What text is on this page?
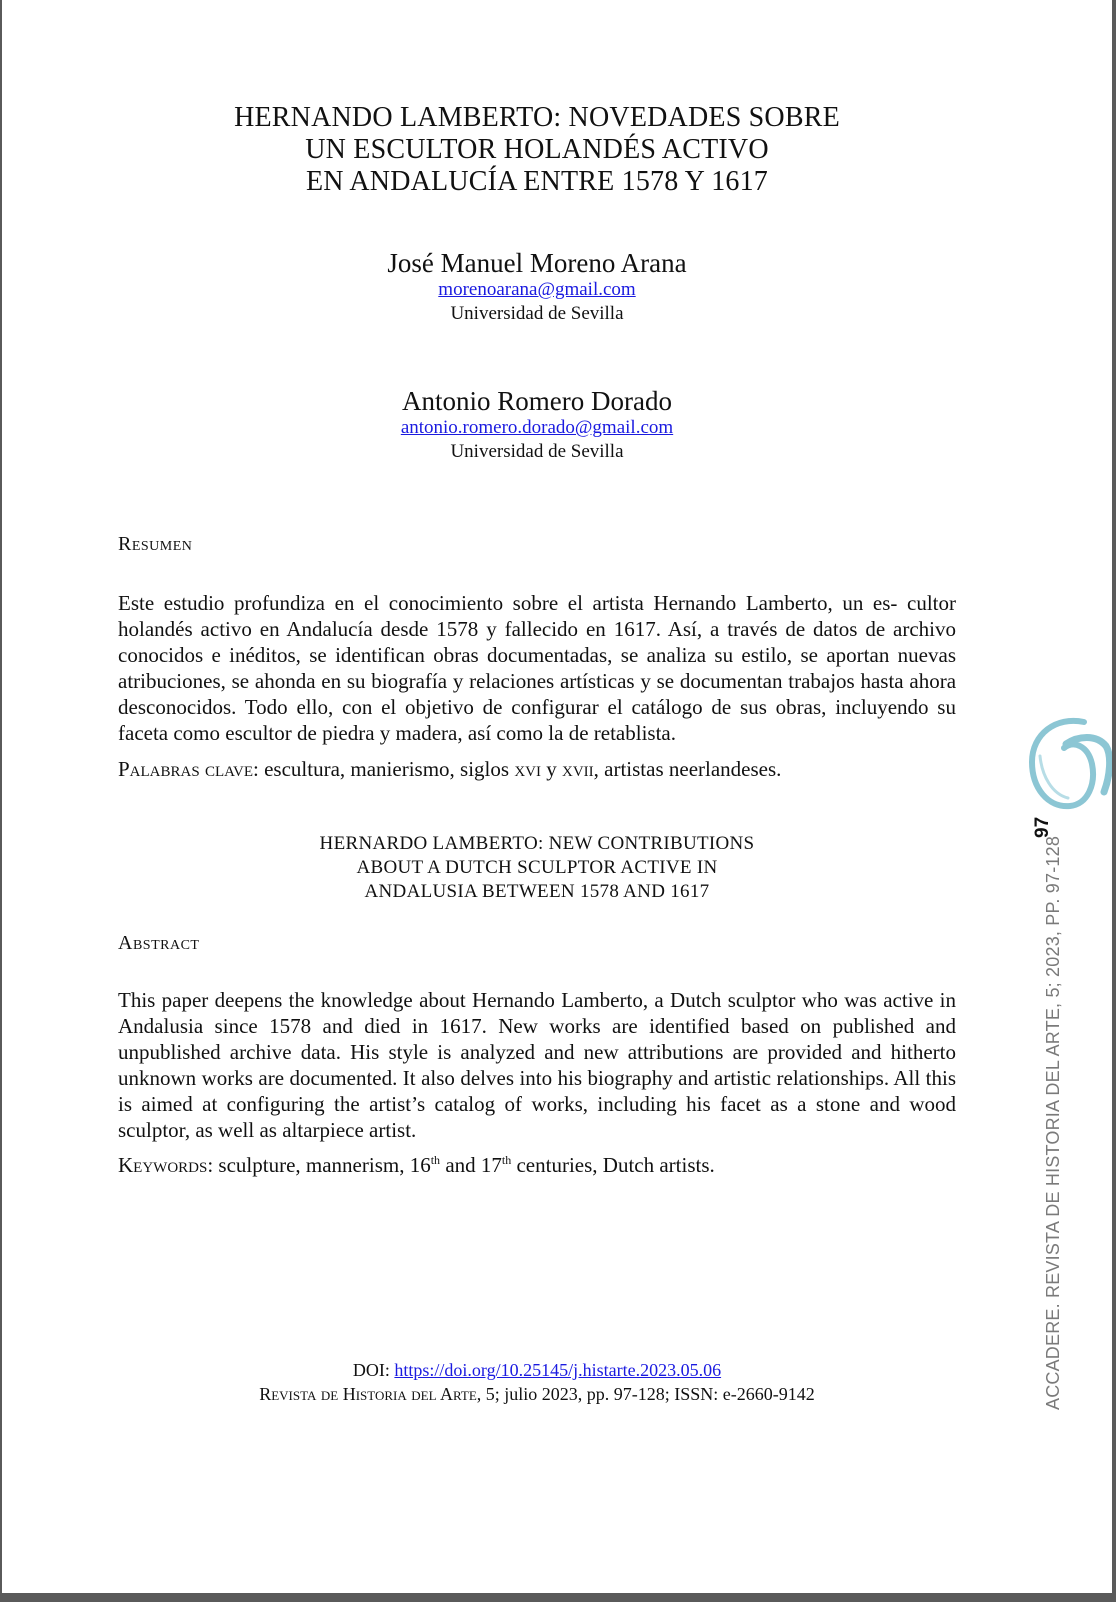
HERNANDO LAMBERTO: NOVEDADES SOBRE
UN ESCULTOR HOLANDÉS ACTIVO
EN ANDALUCÍA ENTRE 1578 Y 1617
José Manuel Moreno Arana
morenoarana@gmail.com
Universidad de Sevilla
Antonio Romero Dorado
antonio.romero.dorado@gmail.com
Universidad de Sevilla
Resumen
Este estudio profundiza en el conocimiento sobre el artista Hernando Lamberto, un es- cultor holandés activo en Andalucía desde 1578 y fallecido en 1617. Así, a través de datos de archivo conocidos e inéditos, se identifican obras documentadas, se analiza su estilo, se aportan nuevas atribuciones, se ahonda en su biografía y relaciones artísticas y se documentan trabajos hasta ahora desconocidos. Todo ello, con el objetivo de configurar el catálogo de sus obras, incluyendo su faceta como escultor de piedra y madera, así como la de retablista.
Palabras clave: escultura, manierismo, siglos xvi y xvii, artistas neerlandeses.
HERNARDO LAMBERTO: NEW CONTRIBUTIONS
ABOUT A DUTCH SCULPTOR ACTIVE IN
ANDALUSIA BETWEEN 1578 AND 1617
Abstract
This paper deepens the knowledge about Hernando Lamberto, a Dutch sculptor who was active in Andalusia since 1578 and died in 1617. New works are identified based on published and unpublished archive data. His style is analyzed and new attributions are provided and hitherto unknown works are documented. It also delves into his biography and artistic relationships. All this is aimed at configuring the artist’s catalog of works, including his facet as a stone and wood sculptor, as well as altarpiece artist.
Keywords: sculpture, mannerism, 16th and 17th centuries, Dutch artists.
DOI: https://doi.org/10.25145/j.histarte.2023.05.06
Revista de Historia del Arte, 5; julio 2023, pp. 97-128; ISSN: e-2660-9142
97
ACCADERE. REVISTA DE HISTORIA DEL ARTE, 5; 2023, PP. 97-128
